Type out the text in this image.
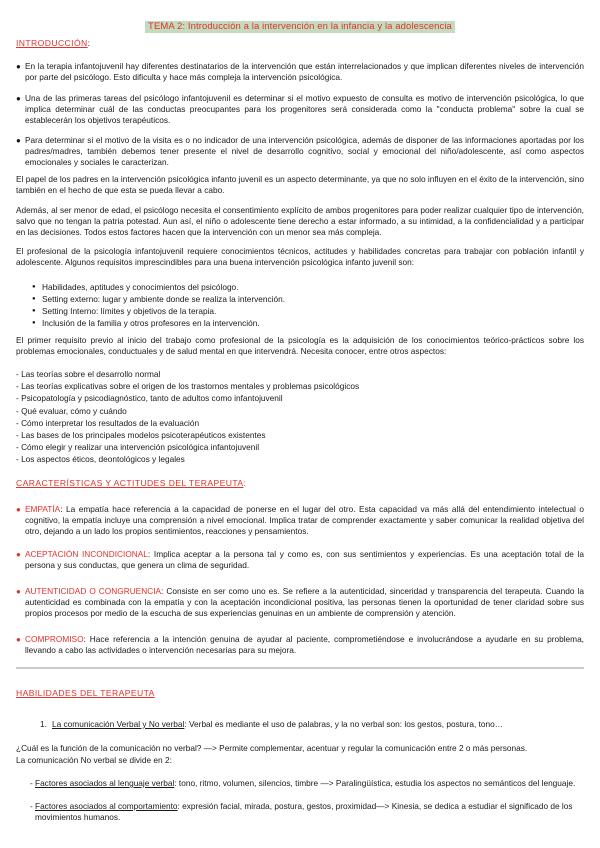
TEMA 2: Introducción a la intervención en la infancia y la adolescencia
INTRODUCCIÓN:
● En la terapia infantojuvenil hay diferentes destinatarios de la intervención que están interrelacionados y que implican diferentes niveles de intervención por parte del psicólogo. Esto dificulta y hace más compleja la intervención psicológica.
● Una de las primeras tareas del psicólogo infantojuvenil es determinar si el motivo expuesto de consulta es motivo de intervención psicológica, lo que implica determinar cuál de las conductas preocupantes para los progenitores será considerada como la "conducta problema" sobre la cual se establecerán los objetivos terapéuticos.
● Para determinar si el motivo de la visita es o no indicador de una intervención psicológica, además de disponer de las informaciones aportadas por los padres/madres, también debemos tener presente el nivel de desarrollo cognitivo, social y emocional del niño/adolescente, así como aspectos emocionales y sociales le caracterizan.
El papel de los padres en la intervención psicológica infanto juvenil es un aspecto determinante, ya que no solo influyen en el éxito de la intervención, sino también en el hecho de que esta se pueda llevar a cabo.
Además, al ser menor de edad, el psicólogo necesita el consentimiento explícito de ambos progenitores para poder realizar cualquier tipo de intervención, salvo que no tengan la patria potestad. Aun así, el niño o adolescente tiene derecho a estar informado, a su intimidad, a la confidencialidad y a participar en las decisiones. Todos estos factores hacen que la intervención con un menor sea más compleja.
El profesional de la psicología infantojuvenil requiere conocimientos técnicos, actitudes y habilidades concretas para trabajar con población infantil y adolescente. Algunos requisitos imprescindibles para una buena intervención psicológica infanto juvenil son:
● Habilidades, aptitudes y conocimientos del psicólogo.
● Setting externo: lugar y ambiente donde se realiza la intervención.
● Setting Interno: límites y objetivos de la terapia.
● Inclusión de la familia y otros profesores en la intervención.
El primer requisito previo al inicio del trabajo como profesional de la psicología es la adquisición de los conocimientos teórico-prácticos sobre los problemas emocionales, conductuales y de salud mental en que intervendrá. Necesita conocer, entre otros aspectos:
- Las teorías sobre el desarrollo normal
- Las teorías explicativas sobre el origen de los trastornos mentales y problemas psicológicos
- Psicopatología y psicodiagnóstico, tanto de adultos como infantojuvenil
- Qué evaluar, cómo y cuándo
- Cómo interpretar los resultados de la evaluación
- Las bases de los principales modelos psicoterapéuticos existentes
- Cómo elegir y realizar una intervención psicológica infantojuvenil
- Los aspectos éticos, deontológicos y legales
CARACTERÍSTICAS Y ACTITUDES DEL TERAPEUTA:
● EMPATÍA: La empatía hace referencia a la capacidad de ponerse en el lugar del otro. Esta capacidad va más allá del entendimiento intelectual o cognitivo, la empatía incluye una comprensión a nivel emocional. Implica tratar de comprender exactamente y saber comunicar la realidad objetiva del otro, dejando a un lado los propios sentimientos, reacciones y pensamientos.
● ACEPTACIÓN INCONDICIONAL: Implica aceptar a la persona tal y como es, con sus sentimientos y experiencias. Es una aceptación total de la persona y sus conductas, que genera un clima de seguridad.
● AUTENTICIDAD O CONGRUENCIA: Consiste en ser como uno es. Se refiere a la autenticidad, sinceridad y transparencia del terapeuta. Cuando la autenticidad es combinada con la empatía y con la aceptación incondicional positiva, las personas tienen la oportunidad de tener claridad sobre sus propios procesos por medio de la escucha de sus experiencias genuinas en un ambiente de comprensión y atención.
● COMPROMISO: Hace referencia a la intención genuina de ayudar al paciente, comprometiéndose e involucrándose a ayudarle en su problema, llevando a cabo las actividades o intervención necesarias para su mejora.
HABILIDADES DEL TERAPEUTA
1. La comunicación Verbal y No verbal: Verbal es mediante el uso de palabras, y la no verbal son: los gestos, postura, tono…
¿Cuál es la función de la comunicación no verbal? —> Permite complementar, acentuar y regular la comunicación entre 2 o más personas.
La comunicación No verbal se divide en 2:
- Factores asociados al lenguaje verbal: tono, ritmo, volumen, silencios, timbre —> Paralingüística, estudia los aspectos no semánticos del lenguaje.
- Factores asociados al comportamiento: expresión facial, mirada, postura, gestos, proximidad—> Kinesia, se dedica a estudiar el significado de los movimientos humanos.
